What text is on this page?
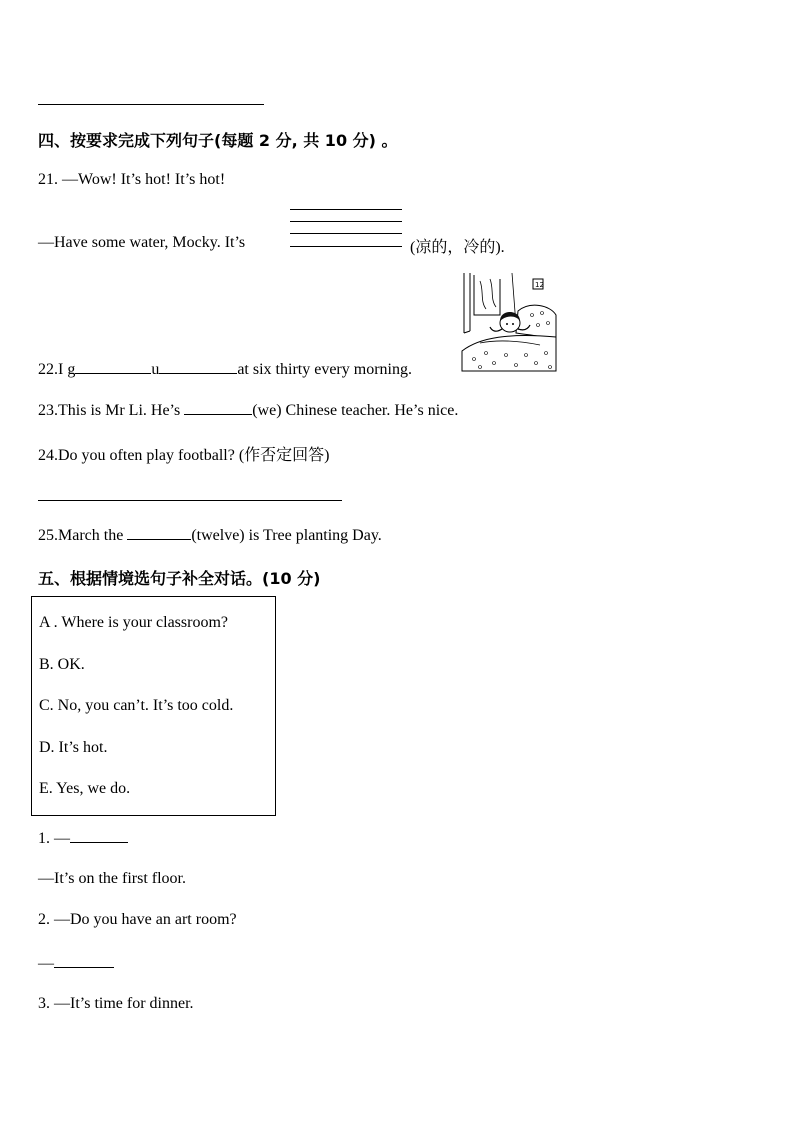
四、按要求完成下列句子(每题 2 分, 共 10 分) 。
21. —Wow! It’s hot! It’s hot!
—Have some water, Mocky. It’s	(凉的，冷的).
12
22.I g	u	at six thirty every morning.
23.This is Mr Li. He’s	(we) Chinese teacher. He’s nice.
24.Do you often play football? (作否定回答)
25.March the	(twelve) is Tree planting Day.
五、根据情境选句子补全对话。(10 分)
A . Where is your classroom?
B. OK.
C. No, you can’t. It’s too cold.
D. It’s hot.
E. Yes, we do.
1. —
—It’s on the first floor.
2. —Do you have an art room?
—
3. —It’s time for dinner.
